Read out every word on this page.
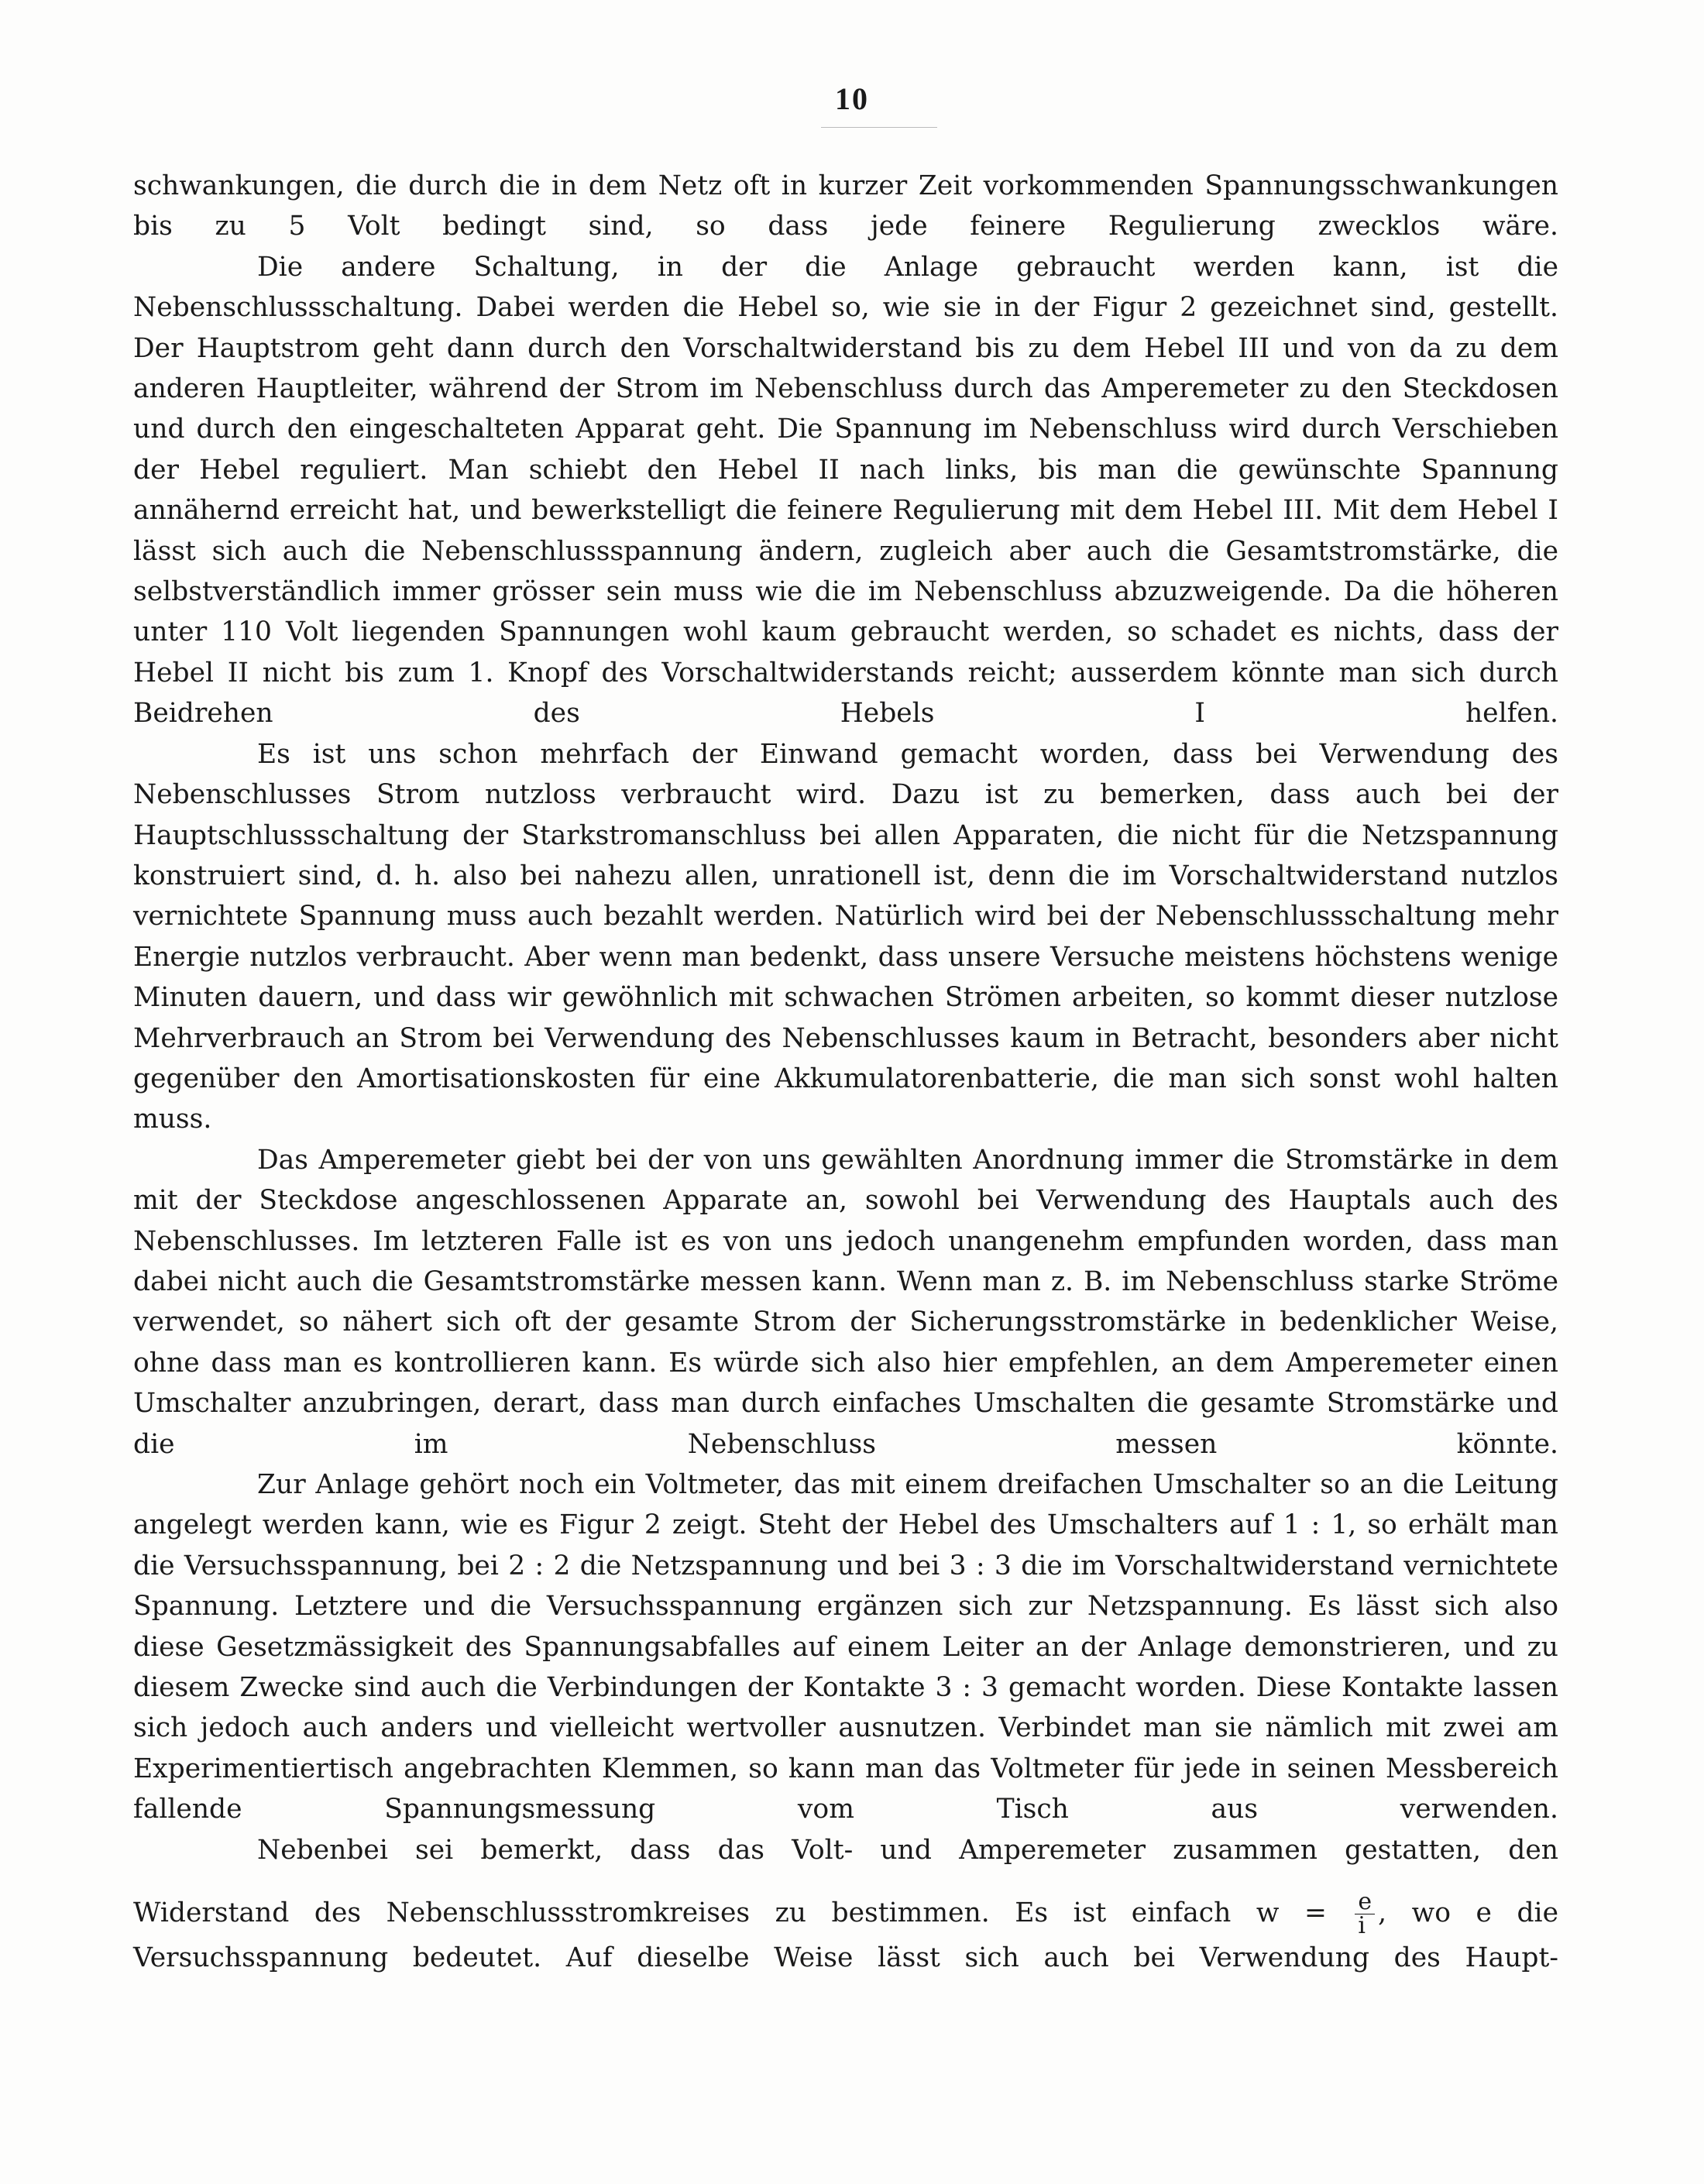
10

schwankungen, die durch die in dem Netz oft in kurzer Zeit vorkommenden Spannungsschwankungen bis zu 5 Volt bedingt sind, so dass jede feinere Regulierung zwecklos wäre.

Die andere Schaltung, in der die Anlage gebraucht werden kann, ist die Nebenschlussschaltung. Dabei werden die Hebel so, wie sie in der Figur 2 gezeichnet sind, gestellt. Der Hauptstrom geht dann durch den Vorschaltwiderstand bis zu dem Hebel III und von da zu dem anderen Hauptleiter, während der Strom im Nebenschluss durch das Amperemeter zu den Steckdosen und durch den eingeschalteten Apparat geht. Die Spannung im Nebenschluss wird durch Verschieben der Hebel reguliert. Man schiebt den Hebel II nach links, bis man die gewünschte Spannung annähernd erreicht hat, und bewerkstelligt die feinere Regulierung mit dem Hebel III. Mit dem Hebel I lässt sich auch die Nebenschlussspannung ändern, zugleich aber auch die Gesamtstromstärke, die selbstverständlich immer grösser sein muss wie die im Nebenschluss abzuzweigende. Da die höheren unter 110 Volt liegenden Spannungen wohl kaum gebraucht werden, so schadet es nichts, dass der Hebel II nicht bis zum 1. Knopf des Vorschaltwiderstands reicht; ausserdem könnte man sich durch Beidrehen des Hebels I helfen.

Es ist uns schon mehrfach der Einwand gemacht worden, dass bei Verwendung des Nebenschlusses Strom nutzloss verbraucht wird. Dazu ist zu bemerken, dass auch bei der Hauptschlussschaltung der Starkstromanschluss bei allen Apparaten, die nicht für die Netzspannung konstruiert sind, d. h. also bei nahezu allen, unrationell ist, denn die im Vorschaltwiderstand nutzlos vernichtete Spannung muss auch bezahlt werden. Natürlich wird bei der Nebenschlussschaltung mehr Energie nutzlos verbraucht. Aber wenn man bedenkt, dass unsere Versuche meistens höchstens wenige Minuten dauern, und dass wir gewöhnlich mit schwachen Strömen arbeiten, so kommt dieser nutzlose Mehrverbrauch an Strom bei Verwendung des Nebenschlusses kaum in Betracht, besonders aber nicht gegenüber den Amortisationskosten für eine Akkumulatorenbatterie, die man sich sonst wohl halten muss.

Das Amperemeter giebt bei der von uns gewählten Anordnung immer die Stromstärke in dem mit der Steckdose angeschlossenen Apparate an, sowohl bei Verwendung des Hauptals auch des Nebenschlusses. Im letzteren Falle ist es von uns jedoch unangenehm empfunden worden, dass man dabei nicht auch die Gesamtstromstärke messen kann. Wenn man z. B. im Nebenschluss starke Ströme verwendet, so nähert sich oft der gesamte Strom der Sicherungsstromstärke in bedenklicher Weise, ohne dass man es kontrollieren kann. Es würde sich also hier empfehlen, an dem Amperemeter einen Umschalter anzubringen, derart, dass man durch einfaches Umschalten die gesamte Stromstärke und die im Nebenschluss messen könnte.

Zur Anlage gehört noch ein Voltmeter, das mit einem dreifachen Umschalter so an die Leitung angelegt werden kann, wie es Figur 2 zeigt. Steht der Hebel des Umschalters auf 1 : 1, so erhält man die Versuchsspannung, bei 2 : 2 die Netzspannung und bei 3 : 3 die im Vorschaltwiderstand vernichtete Spannung. Letztere und die Versuchsspannung ergänzen sich zur Netzspannung. Es lässt sich also diese Gesetzmässigkeit des Spannungsabfalles auf einem Leiter an der Anlage demonstrieren, und zu diesem Zwecke sind auch die Verbindungen der Kontakte 3 : 3 gemacht worden. Diese Kontakte lassen sich jedoch auch anders und vielleicht wertvoller ausnutzen. Verbindet man sie nämlich mit zwei am Experimentiertisch angebrachten Klemmen, so kann man das Voltmeter für jede in seinen Messbereich fallende Spannungsmessung vom Tisch aus verwenden.

Nebenbei sei bemerkt, dass das Volt- und Amperemeter zusammen gestatten, den

Widerstand des Nebenschlussstromkreises zu bestimmen. Es ist einfach $w = \frac{e}{i}$ , wo e die

Versuchsspannung bedeutet. Auf dieselbe Weise lässt sich auch bei Verwendung des Haupt-
